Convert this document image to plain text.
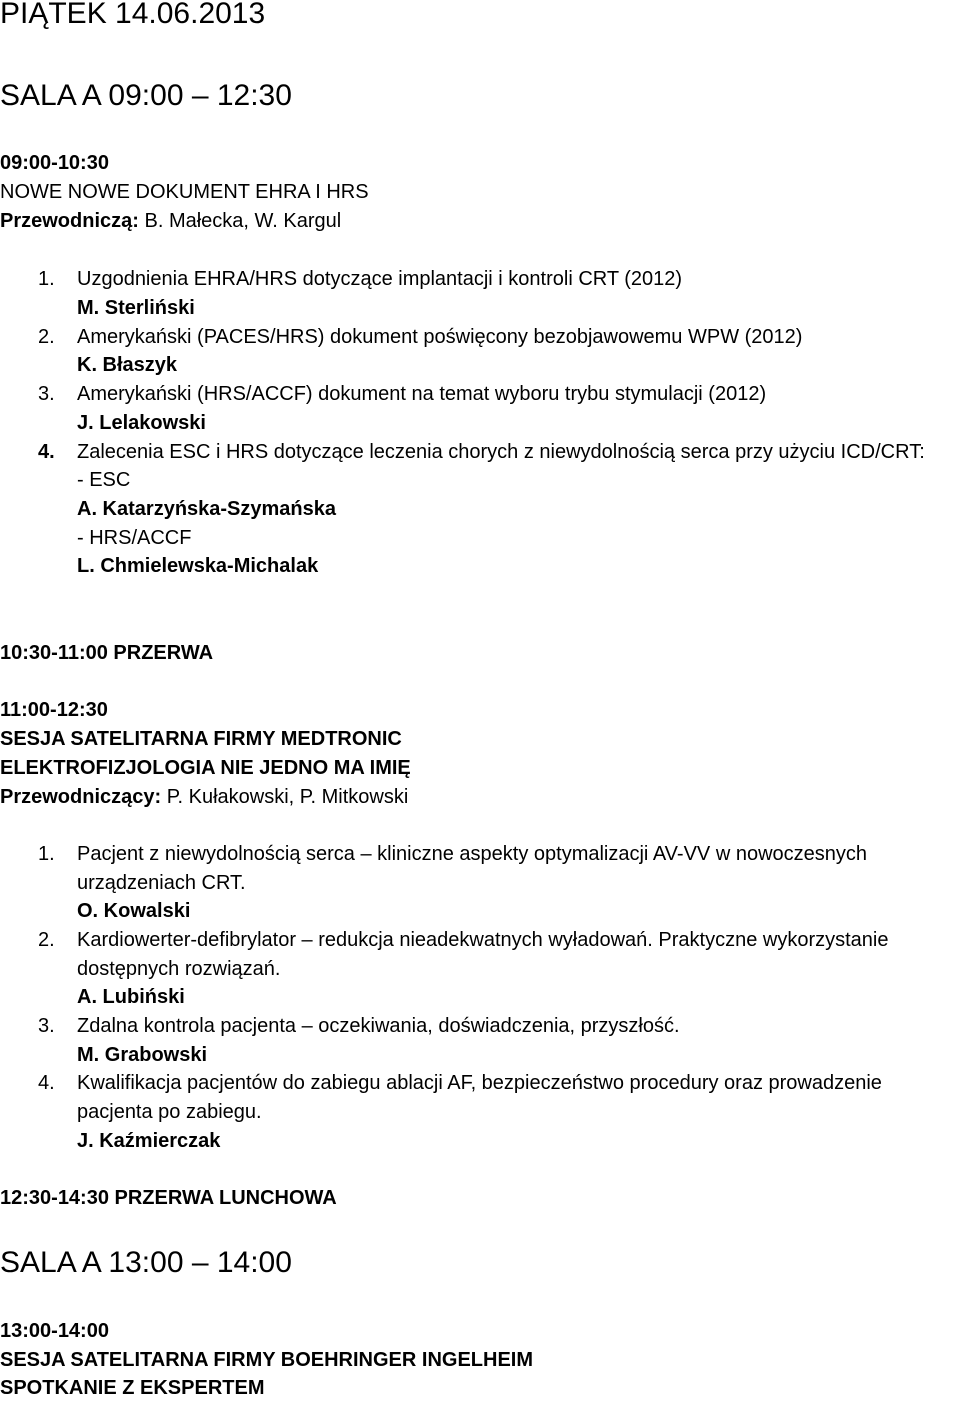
PIĄTEK 14.06.2013
SALA A 09:00 – 12:30
09:00-10:30
NOWE NOWE DOKUMENT EHRA I HRS
Przewodniczą: B. Małecka, W. Kargul
1. Uzgodnienia EHRA/HRS dotyczące implantacji i kontroli CRT (2012)
M. Sterliński
2. Amerykański (PACES/HRS) dokument poświęcony bezobjawowemu WPW (2012)
K. Błaszyk
3. Amerykański (HRS/ACCF) dokument na temat wyboru trybu stymulacji (2012)
J. Lelakowski
4. Zalecenia ESC i HRS dotyczące leczenia chorych z niewydolnością serca przy użyciu ICD/CRT:
- ESC
A. Katarzyńska-Szymańska
- HRS/ACCF
L. Chmielewska-Michalak
10:30-11:00 PRZERWA
11:00-12:30
SESJA SATELITARNA FIRMY MEDTRONIC
ELEKTROFIZJOLOGIA NIE JEDNO MA IMIĘ
Przewodniczący: P. Kułakowski, P. Mitkowski
1. Pacjent z niewydolnością serca – kliniczne aspekty optymalizacji AV-VV w nowoczesnych
urządzeniach CRT.
O. Kowalski
2. Kardiowerter-defibrylator – redukcja nieadekwatnych wyładowań. Praktyczne wykorzystanie
dostępnych rozwiązań.
A. Lubiński
3. Zdalna kontrola pacjenta – oczekiwania, doświadczenia, przyszłość.
M. Grabowski
4. Kwalifikacja pacjentów do zabiegu ablacji AF, bezpieczeństwo procedury oraz prowadzenie
pacjenta po zabiegu.
J. Kaźmierczak
12:30-14:30 PRZERWA LUNCHOWA
SALA A 13:00 – 14:00
13:00-14:00
SESJA SATELITARNA FIRMY BOEHRINGER INGELHEIM
SPOTKANIE Z EKSPERTEM
